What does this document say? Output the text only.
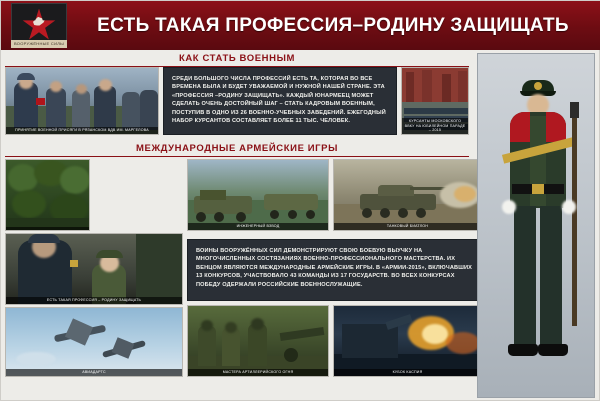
ВООРУЖЁННЫЕ СИЛЫ
ЕСТЬ ТАКАЯ ПРОФЕССИЯ–РОДИНУ ЗАЩИЩАТЬ
КАК СТАТЬ ВОЕННЫМ
ПРИНЯТИЕ ВОЕННОЙ ПРИСЯГИ В РЯЗАНСКОМ ВДВ ИМ. МАРГЕЛОВА
СРЕДИ БОЛЬШОГО ЧИСЛА ПРОФЕССИЙ ЕСТЬ ТА, КОТОРАЯ ВО ВСЕ ВРЕМЕНА БЫЛА И БУДЕТ УВАЖАЕМОЙ И НУЖНОЙ НАШЕЙ СТРАНЕ. ЭТА «ПРОФЕССИЯ –РОДИНУ ЗАЩИЩАТЬ». КАЖДЫЙ ЮНАРМЕЕЦ МОЖЕТ СДЕЛАТЬ ОЧЕНЬ ДОСТОЙНЫЙ ШАГ – СТАТЬ КАДРОВЫМ ВОЕННЫМ, ПОСТУПИВ В ОДНО ИЗ 26 ВОЕННО-УЧЕБНЫХ ЗАВЕДЕНИЙ. ЕЖЕГОДНЫЙ НАБОР КУРСАНТОВ СОСТАВЛЯЕТ БОЛЕЕ 11 ТЫС. ЧЕЛОВЕК.	КУРСАНТЫ МОСКОВСКОГО ВВКУ НА ЮБИЛЕЙНОМ ПАРАДЕ – 2015
МЕЖДУНАРОДНЫЕ АРМЕЙСКИЕ ИГРЫ
ЕСТЬ ТАКАЯ ПРОФЕССИЯ – РОДИНУ ЗАЩИЩАТЬ
АВИАДАРТС
ИНЖЕНЕРНЫЙ ВЗВОД	ТАНКОВЫЙ БИАТЛОН
ВОИНЫ ВООРУЖЁННЫХ СИЛ ДЕМОНСТРИРУЮТ СВОЮ БОЕВУЮ ВЫУЧКУ НА МНОГОЧИСЛЕННЫХ СОСТЯЗАНИЯХ ВОЕННО-ПРОФЕССИОНАЛЬНОГО МАСТЕРСТВА. ИХ ВЕНЦОМ ЯВЛЯЮТСЯ МЕЖДУНАРОДНЫЕ АРМЕЙСКИЕ ИГРЫ. В «АРМИИ-2015», ВКЛЮЧАВШИХ 13 КОНКУРСОВ, УЧАСТВОВАЛО 43 КОМАНДЫ ИЗ 17 ГОСУДАРСТВ. ВО ВСЕХ КОНКУРСАХ ПОБЕДУ ОДЕРЖАЛИ РОССИЙСКИЕ ВОЕННОСЛУЖАЩИЕ.
МАСТЕРА АРТИЛЛЕРИЙСКОГО ОГНЯ	КУБОК КАСПИЯ
